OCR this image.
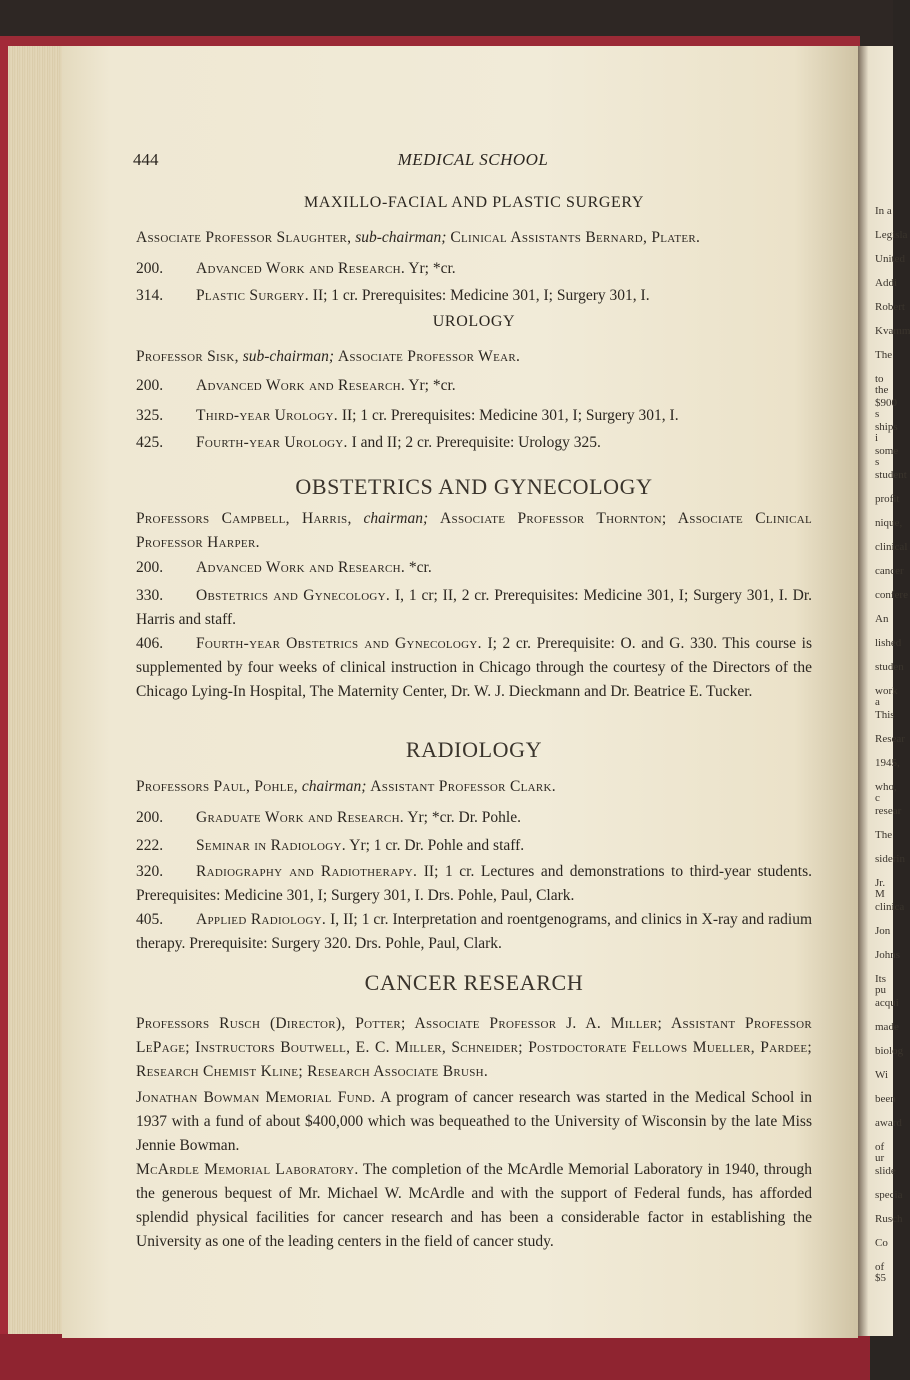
In a
Legisla
United
Addi
Robert
Kvamm
The
to the
$900 s
ships i
some s
student
profit
nique,
clinical
cancer
confere
An
lished
studen
work a
This
Resear
1945,
who, c
resear
The
siderin
Jr. M
clinica
Jon
Johns
Its pu
acqui
made
biolog
Wi
been
award
of ur
slide
specia
Rusch
Co
of $5
444	MEDICAL SCHOOL
MAXILLO-FACIAL AND PLASTIC SURGERY
Associate Professor Slaughter, sub-chairman; Clinical Assistants Bernard, Plater.
200. Advanced Work and Research. Yr; *cr.
314. Plastic Surgery. II; 1 cr. Prerequisites: Medicine 301, I; Surgery 301, I.
UROLOGY
Professor Sisk, sub-chairman; Associate Professor Wear.
200. Advanced Work and Research. Yr; *cr.
325. Third-year Urology. II; 1 cr. Prerequisites: Medicine 301, I; Surgery 301, I.
425. Fourth-year Urology. I and II; 2 cr. Prerequisite: Urology 325.
OBSTETRICS AND GYNECOLOGY
Professors Campbell, Harris, chairman; Associate Professor Thornton; Associate Clinical Professor Harper.
200. Advanced Work and Research. *cr.
330. Obstetrics and Gynecology. I, 1 cr; II, 2 cr. Prerequisites: Medicine 301, I; Surgery 301, I. Dr. Harris and staff.
406. Fourth-year Obstetrics and Gynecology. I; 2 cr. Prerequisite: O. and G. 330. This course is supplemented by four weeks of clinical instruction in Chicago through the courtesy of the Directors of the Chicago Lying-In Hospital, The Maternity Center, Dr. W. J. Dieckmann and Dr. Beatrice E. Tucker.
RADIOLOGY
Professors Paul, Pohle, chairman; Assistant Professor Clark.
200. Graduate Work and Research. Yr; *cr. Dr. Pohle.
222. Seminar in Radiology. Yr; 1 cr. Dr. Pohle and staff.
320. Radiography and Radiotherapy. II; 1 cr. Lectures and demonstrations to third-year students. Prerequisites: Medicine 301, I; Surgery 301, I. Drs. Pohle, Paul, Clark.
405. Applied Radiology. I, II; 1 cr. Interpretation and roentgenograms, and clinics in X-ray and radium therapy. Prerequisite: Surgery 320. Drs. Pohle, Paul, Clark.
CANCER RESEARCH
Professors Rusch (Director), Potter; Associate Professor J. A. Miller; Assistant Professor LePage; Instructors Boutwell, E. C. Miller, Schneider; Postdoctorate Fellows Mueller, Pardee; Research Chemist Kline; Research Associate Brush.
Jonathan Bowman Memorial Fund. A program of cancer research was started in the Medical School in 1937 with a fund of about $400,000 which was bequeathed to the University of Wisconsin by the late Miss Jennie Bowman.
McArdle Memorial Laboratory. The completion of the McArdle Memorial Laboratory in 1940, through the generous bequest of Mr. Michael W. McArdle and with the support of Federal funds, has afforded splendid physical facilities for cancer research and has been a considerable factor in establishing the University as one of the leading centers in the field of cancer study.
